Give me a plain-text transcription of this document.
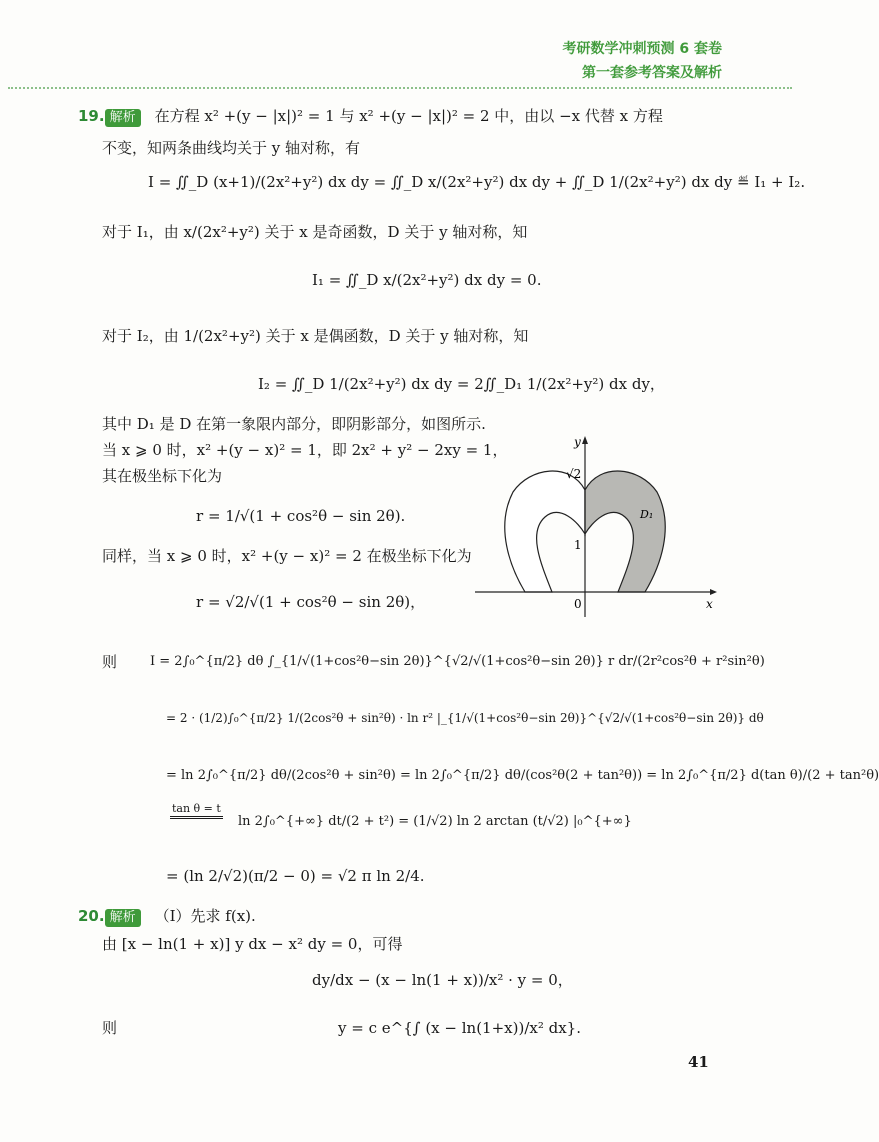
考研数学冲刺预测 6 套卷
第一套参考答案及解析
19. 解析 在方程 x² +(y − |x|)² = 1 与 x² +(y − |x|)² = 2 中，由以 −x 代替 x 方程
不变，知两条曲线均关于 y 轴对称，有
I = ∬_D (x+1)/(2x²+y²) dx dy = ∬_D x/(2x²+y²) dx dy + ∬_D 1/(2x²+y²) dx dy ≝ I₁ + I₂.
对于 I₁，由 x/(2x²+y²) 关于 x 是奇函数，D 关于 y 轴对称，知
I₁ = ∬_D x/(2x²+y²) dx dy = 0.
对于 I₂，由 1/(2x²+y²) 关于 x 是偶函数，D 关于 y 轴对称，知
I₂ = ∬_D 1/(2x²+y²) dx dy = 2∬_D₁ 1/(2x²+y²) dx dy，
其中 D₁ 是 D 在第一象限内部分，即阴影部分，如图所示.
当 x ⩾ 0 时，x² +(y − x)² = 1，即 2x² + y² − 2xy = 1，
其在极坐标下化为
r = 1/√(1 + cos²θ − sin 2θ).
同样，当 x ⩾ 0 时，x² +(y − x)² = 2 在极坐标下化为
r = √2/√(1 + cos²θ − sin 2θ)，
则	I = 2∫₀^{π/2} dθ ∫_{1/√(1+cos²θ−sin 2θ)}^{√2/√(1+cos²θ−sin 2θ)} r dr/(2r²cos²θ + r²sin²θ)
= 2 · (1/2)∫₀^{π/2} 1/(2cos²θ + sin²θ) · ln r² |_{1/√(1+cos²θ−sin 2θ)}^{√2/√(1+cos²θ−sin 2θ)} dθ
= ln 2∫₀^{π/2} dθ/(2cos²θ + sin²θ) = ln 2∫₀^{π/2} dθ/(cos²θ(2 + tan²θ)) = ln 2∫₀^{π/2} d(tan θ)/(2 + tan²θ)
tan θ = t
ln 2∫₀^{+∞} dt/(2 + t²) = (1/√2) ln 2 arctan (t/√2) |₀^{+∞}
= (ln 2/√2)(π/2 − 0) = √2 π ln 2/4.
y
x
√2
1
0
D₁
20. 解析 （Ⅰ）先求 f(x).
由 [x − ln(1 + x)] y dx − x² dy = 0，可得
dy/dx − (x − ln(1 + x))/x² · y = 0，
则	y = c e^{∫ (x − ln(1+x))/x² dx}.
41
